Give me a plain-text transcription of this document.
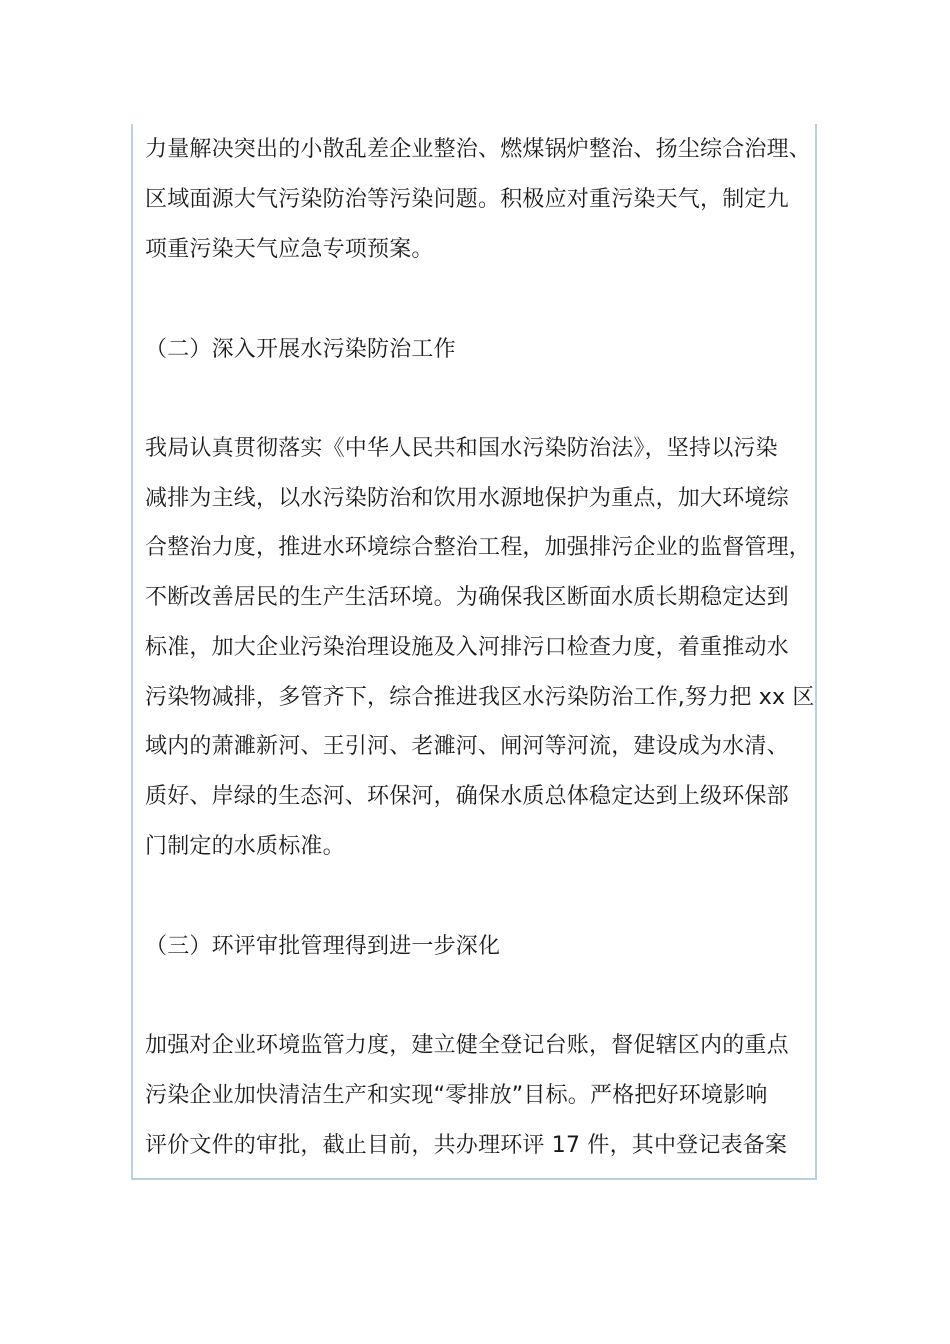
力量解决突出的小散乱差企业整治、燃煤锅炉整治、扬尘综合治理、
区域面源大气污染防治等污染问题。积极应对重污染天气，制定九
项重污染天气应急专项预案。
（二）深入开展水污染防治工作
我局认真贯彻落实《中华人民共和国水污染防治法》，坚持以污染
减排为主线，以水污染防治和饮用水源地保护为重点，加大环境综
合整治力度，推进水环境综合整治工程，加强排污企业的监督管理，
不断改善居民的生产生活环境。为确保我区断面水质长期稳定达到
标准，加大企业污染治理设施及入河排污口检查力度，着重推动水
污染物减排，多管齐下，综合推进我区水污染防治工作,努力把 xx 区
域内的萧濉新河、王引河、老濉河、闸河等河流，建设成为水清、
质好、岸绿的生态河、环保河，确保水质总体稳定达到上级环保部
门制定的水质标准。
（三）环评审批管理得到进一步深化
加强对企业环境监管力度，建立健全登记台账，督促辖区内的重点
污染企业加快清洁生产和实现“零排放”目标。严格把好环境影响
评价文件的审批，截止目前，共办理环评 17 件，其中登记表备案
